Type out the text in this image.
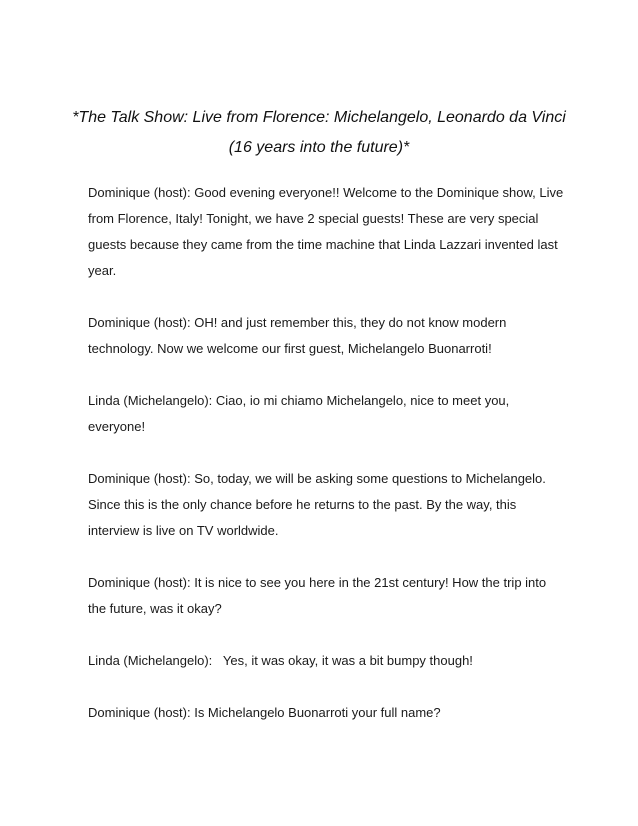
*The Talk Show: Live from Florence: Michelangelo, Leonardo da Vinci
(16 years into the future)*

Dominique (host): Good evening everyone!! Welcome to the Dominique show, Live
from Florence, Italy! Tonight, we have 2 special guests! These are very special
guests because they came from the time machine that Linda Lazzari invented last
year.

Dominique (host): OH! and just remember this, they do not know modern
technology. Now we welcome our first guest, Michelangelo Buonarroti!

Linda (Michelangelo): Ciao, io mi chiamo Michelangelo, nice to meet you,
everyone!

Dominique (host): So, today, we will be asking some questions to Michelangelo.
Since this is the only chance before he returns to the past. By the way, this
interview is live on TV worldwide.

Dominique (host): It is nice to see you here in the 21st century! How the trip into
the future, was it okay?

Linda (Michelangelo):   Yes, it was okay, it was a bit bumpy though!

Dominique (host): Is Michelangelo Buonarroti your full name?
